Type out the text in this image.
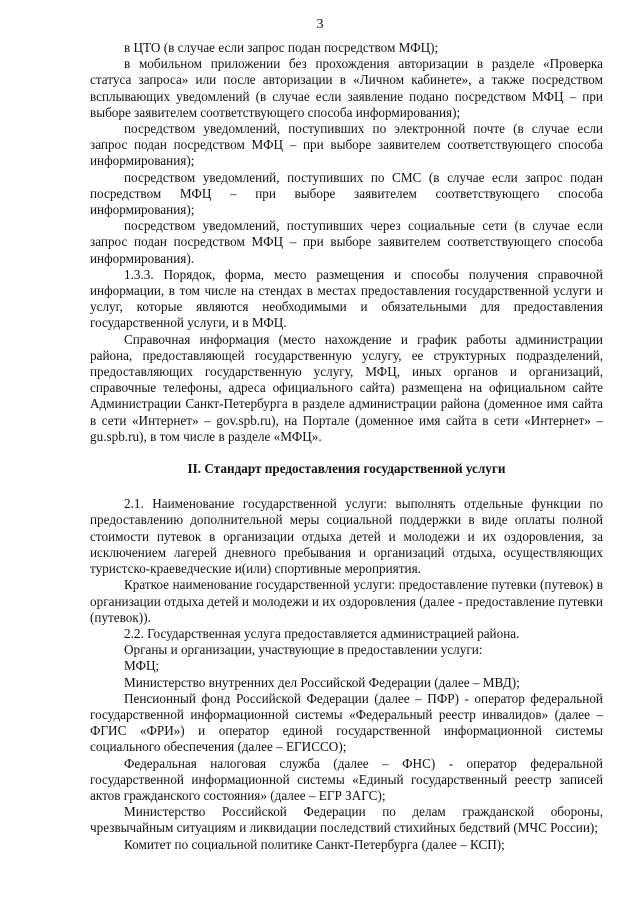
3

в ЦТО (в случае если запрос подан посредством МФЦ);

в мобильном приложении без прохождения авторизации в разделе «Проверка статуса запроса» или после авторизации в «Личном кабинете», а также посредством всплывающих уведомлений (в случае если заявление подано посредством МФЦ – при выборе заявителем соответствующего способа информирования);

посредством уведомлений, поступивших по электронной почте (в случае если запрос подан посредством МФЦ – при выборе заявителем соответствующего способа информирования);

посредством уведомлений, поступивших по СМС (в случае если запрос подан посредством МФЦ – при выборе заявителем соответствующего способа информирования);

посредством уведомлений, поступивших через социальные сети (в случае если запрос подан посредством МФЦ – при выборе заявителем соответствующего способа информирования).

1.3.3. Порядок, форма, место размещения и способы получения справочной информации, в том числе на стендах в местах предоставления государственной услуги и услуг, которые являются необходимыми и обязательными для предоставления государственной услуги, и в МФЦ.

Справочная информация (место нахождение и график работы администрации района, предоставляющей государственную услугу, ее структурных подразделений, предоставляющих государственную услугу, МФЦ, иных органов и организаций, справочные телефоны, адреса официального сайта) размещена на официальном сайте Администрации Санкт-Петербурга в разделе администрации района (доменное имя сайта в сети «Интернет» – gov.spb.ru), на Портале (доменное имя сайта в сети «Интернет» – gu.spb.ru), в том числе в разделе «МФЦ».

II. Стандарт предоставления государственной услуги

2.1. Наименование государственной услуги: выполнять отдельные функции по предоставлению дополнительной меры социальной поддержки в виде оплаты полной стоимости путевок в организации отдыха детей и молодежи и их оздоровления, за исключением лагерей дневного пребывания и организаций отдыха, осуществляющих туристско-краеведческие и(или) спортивные мероприятия.

Краткое наименование государственной услуги: предоставление путевки (путевок) в организации отдыха детей и молодежи и их оздоровления (далее - предоставление путевки (путевок)).

2.2. Государственная услуга предоставляется администрацией района.

Органы и организации, участвующие в предоставлении услуги:

МФЦ;

Министерство внутренних дел Российской Федерации (далее – МВД);

Пенсионный фонд Российской Федерации (далее – ПФР) - оператор федеральной государственной информационной системы «Федеральный реестр инвалидов» (далее – ФГИС «ФРИ») и оператор единой государственной информационной системы социального обеспечения (далее – ЕГИССО);

Федеральная налоговая служба (далее – ФНС) - оператор федеральной государственной информационной системы «Единый государственный реестр записей актов гражданского состояния» (далее – ЕГР ЗАГС);

Министерство Российской Федерации по делам гражданской обороны, чрезвычайным ситуациям и ликвидации последствий стихийных бедствий (МЧС России);

Комитет по социальной политике Санкт-Петербурга (далее – КСП);
